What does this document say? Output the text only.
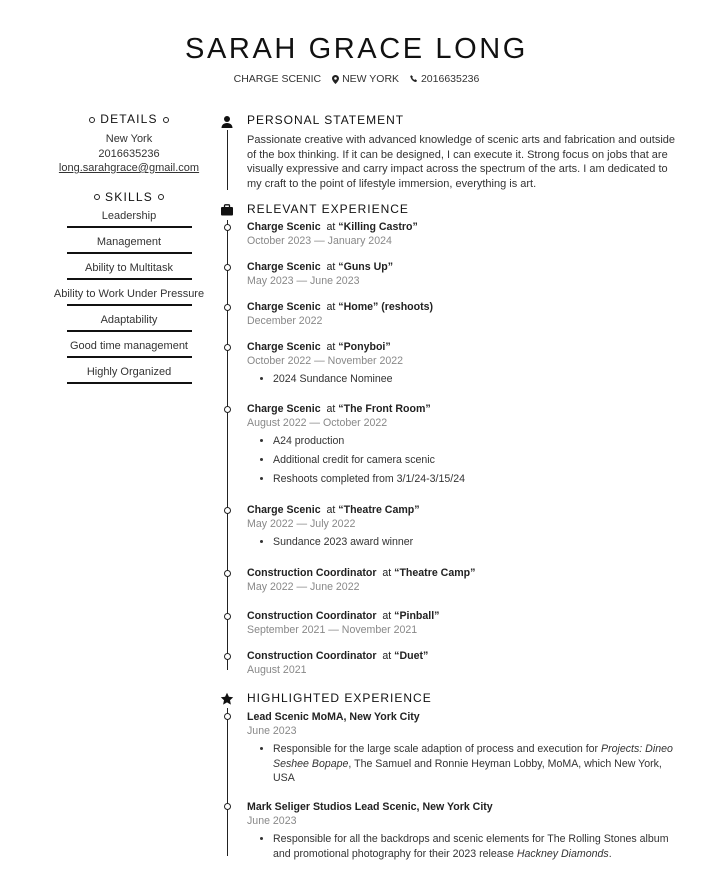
SARAH GRACE LONG
CHARGE SCENIC NEW YORK 2016635236
DETAILS
New York
2016635236
long.sarahgrace@gmail.com
SKILLS
Leadership
Management
Ability to Multitask
Ability to Work Under Pressure
Adaptability
Good time management
Highly Organized
PERSONAL STATEMENT
Passionate creative with advanced knowledge of scenic arts and fabrication and outside
of the box thinking. If it can be designed, I can execute it. Strong focus on jobs that are
visually expressive and carry impact across the spectrum of the arts. I am dedicated to
my craft to the point of lifestyle immersion, everything is art.
RELEVANT EXPERIENCE
Charge Scenic at “Killing Castro”
October 2023 — January 2024
Charge Scenic at “Guns Up”
May 2023 — June 2023
Charge Scenic at “Home” (reshoots)
December 2022
Charge Scenic at “Ponyboi”
October 2022 — November 2022
• 2024 Sundance Nominee
Charge Scenic at “The Front Room”
August 2022 — October 2022
• A24 production
• Additional credit for camera scenic
• Reshoots completed from 3/1/24-3/15/24
Charge Scenic at “Theatre Camp”
May 2022 — July 2022
• Sundance 2023 award winner
Construction Coordinator at “Theatre Camp”
May 2022 — June 2022
Construction Coordinator at “Pinball”
September 2021 — November 2021
Construction Coordinator at “Duet”
August 2021
HIGHLIGHTED EXPERIENCE
Lead Scenic MoMA, New York City
June 2023
• Responsible for the large scale adaption of process and execution for Projects: Dineo
Seshee Bopape, The Samuel and Ronnie Heyman Lobby, MoMA, which New York,
USA
Mark Seliger Studios Lead Scenic, New York City
June 2023
• Responsible for all the backdrops and scenic elements for The Rolling Stones album
and promotional photography for their 2023 release Hackney Diamonds.
